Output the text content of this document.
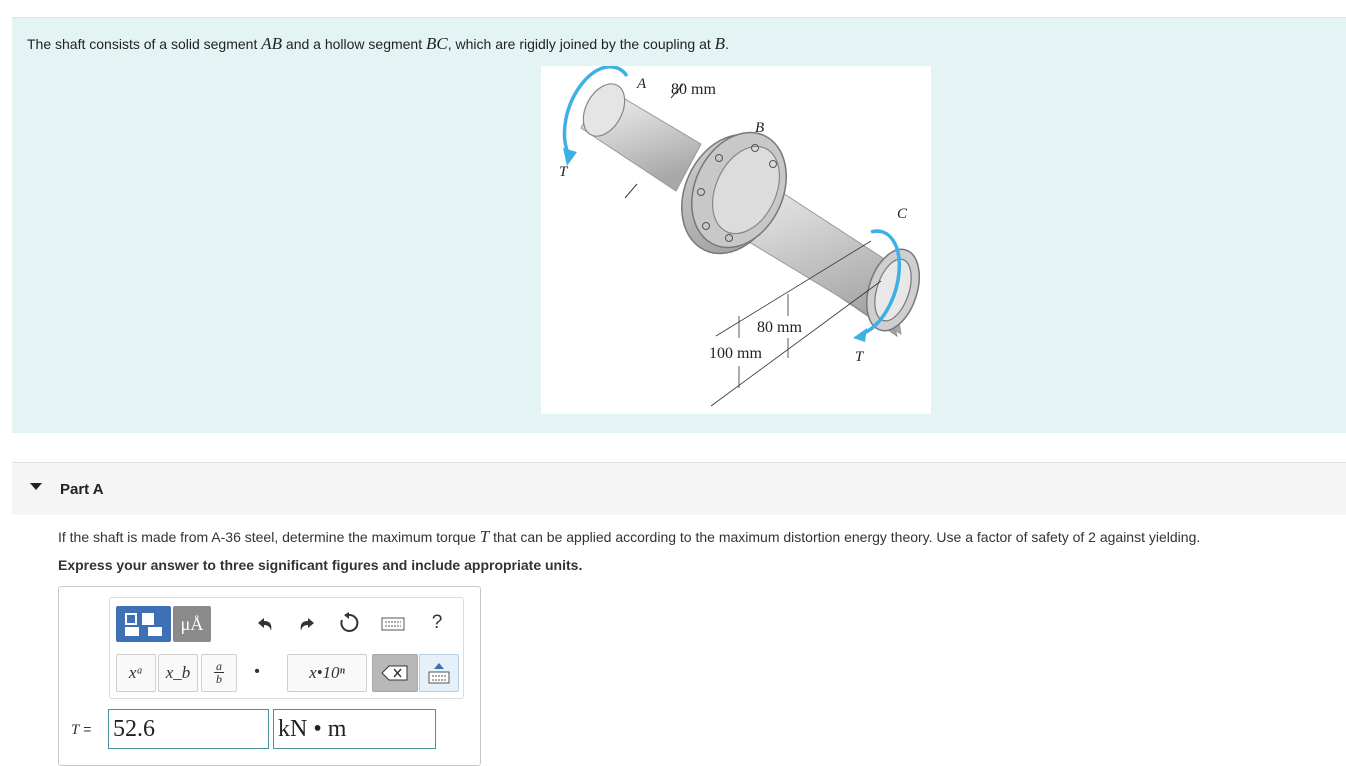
The shaft consists of a solid segment AB and a hollow segment BC, which are rigidly joined by the coupling at B.
A
B
C
T
T
80 mm
80 mm
100 mm
Part A
If the shaft is made from A-36 steel, determine the maximum torque T that can be applied according to the maximum distortion energy theory. Use a factor of safety of 2 against yielding.
Express your answer to three significant figures and include appropriate units.
μÅ	?
xᵃ x_b $\frac{a}{b}$ •	x•10ⁿ
T = 52.6	kN • m
